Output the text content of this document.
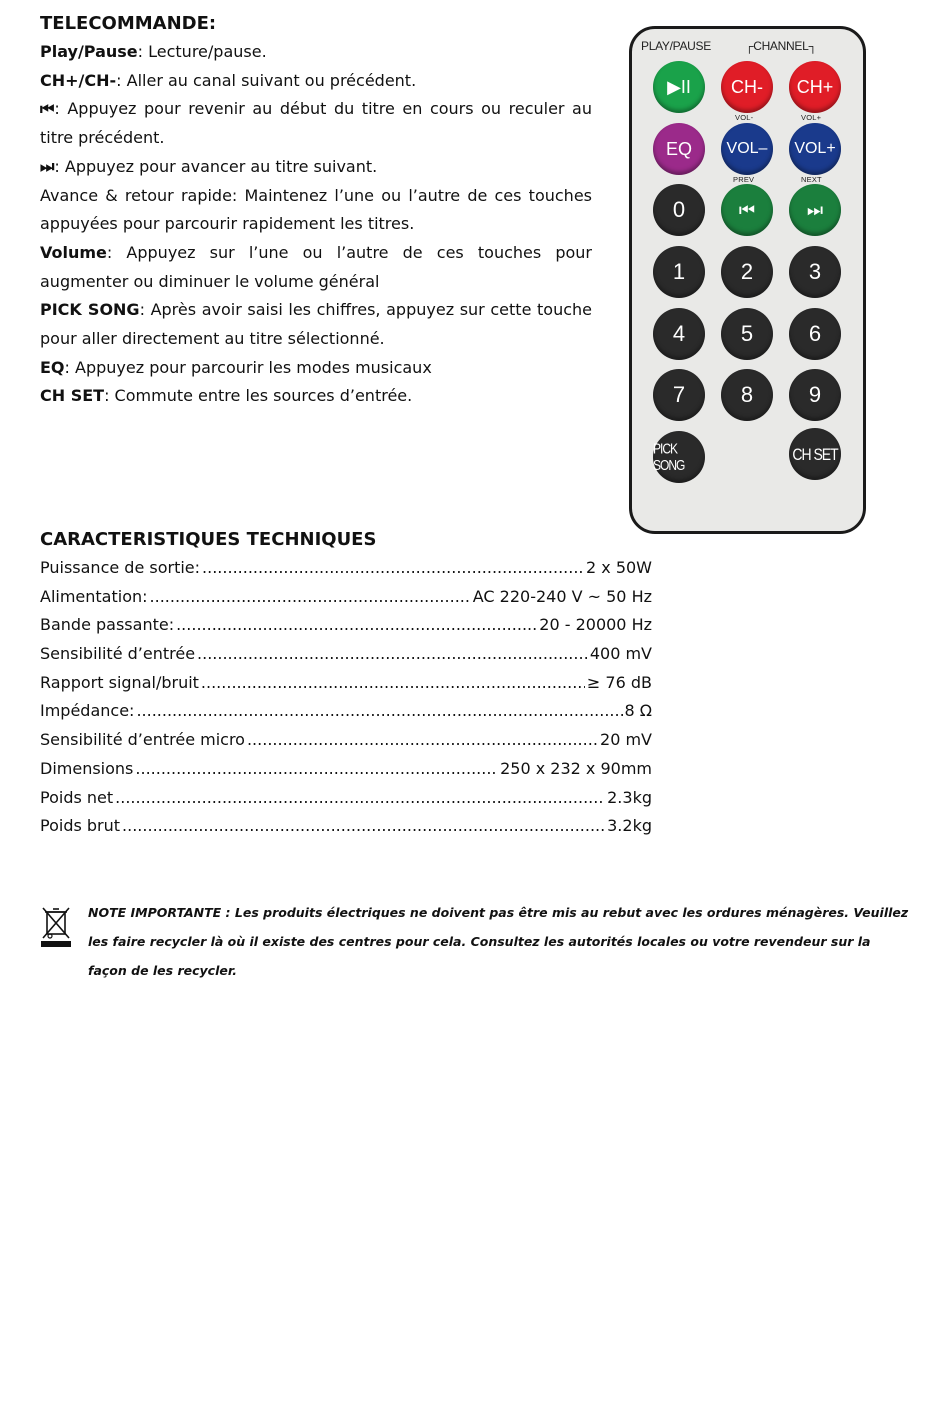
TELECOMMANDE:

Play/Pause: Lecture/pause.

CH+/CH-: Aller au canal suivant ou précédent.

⏮: Appuyez pour revenir au début du titre en cours ou reculer au titre précédent.

⏭: Appuyez pour avancer au titre suivant.

Avance & retour rapide: Maintenez l’une ou l’autre de ces touches appuyées pour parcourir rapidement les titres.

Volume: Appuyez sur l’une ou l’autre de ces touches pour augmenter ou diminuer le volume général

PICK SONG: Après avoir saisi les chiffres, appuyez sur cette touche pour aller directement au titre sélectionné.

EQ: Appuyez pour parcourir les modes musicaux

CH SET: Commute entre les sources d’entrée.

PLAY/PAUSE	┌CHANNEL┐
▶II CH- CH+
VOL-	VOL+
EQ VOL– VOL+
PREV	NEXT
0	⏮	⏭
1	2	3
4	5	6
7	8	9
PICK SONG
CH SET
CARACTERISTIQUES TECHNIQUES
Puissance de sortie: .....	2 x 50W
Alimentation: .....	AC 220-240 V ~ 50 Hz
Bande passante: .....	20 - 20000 Hz
Sensibilité d’entrée .....	400 mV
Rapport signal/bruit .....	≥ 76 dB
Impédance: .....	8 Ω
Sensibilité d’entrée micro .....	20 mV
Dimensions .....	250 x 232 x 90mm
Poids net .....	2.3kg
Poids brut .....	3.2kg
NOTE IMPORTANTE : Les produits électriques ne doivent pas être mis au rebut avec les ordures ménagères. Veuillez les faire recycler là où il existe des centres pour cela. Consultez les autorités locales ou votre revendeur sur la façon de les recycler.
